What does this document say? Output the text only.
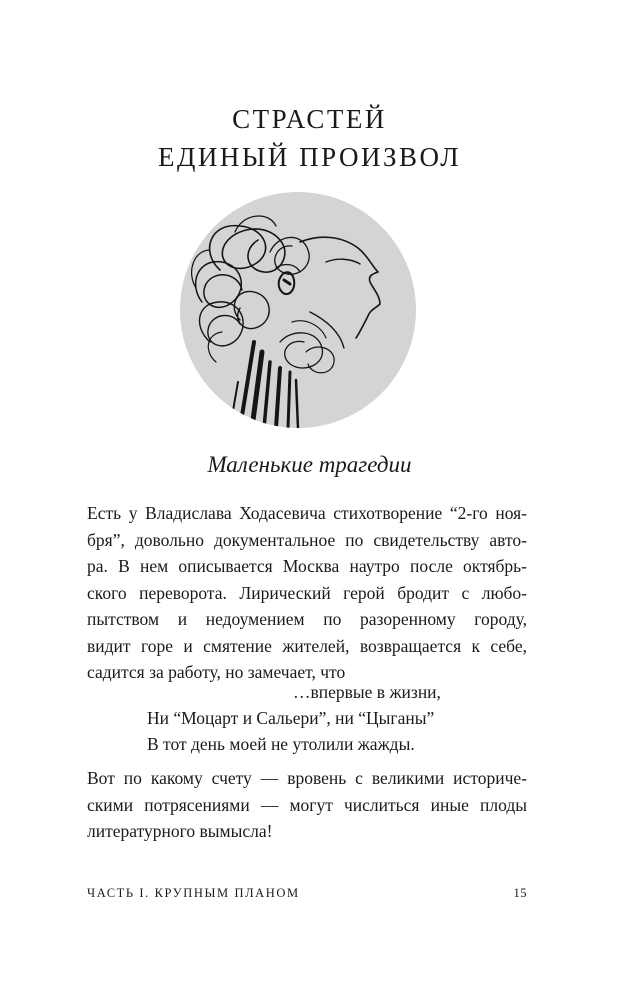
СТРАСТЕЙ
ЕДИНЫЙ ПРОИЗВОЛ
Маленькие трагедии

Есть у Владислава Ходасевича стихотворение “2-го ноя-
бря”, довольно документальное по свидетельству авто-
ра. В нем описывается Москва наутро после октябрь-
ского переворота. Лирический герой бродит с любо-
пытством и недоумением по разоренному городу,
видит горе и смятение жителей, возвращается к себе,
садится за работу, но замечает, что

…впервые в жизни,
Ни “Моцарт и Сальери”, ни “Цыганы”
В тот день моей не утолили жажды.

Вот по какому счету — вровень с великими историче-
скими потрясениями — могут числиться иные плоды
литературного вымысла!

ЧАСТЬ I. КРУПНЫМ ПЛАНОМ	15
